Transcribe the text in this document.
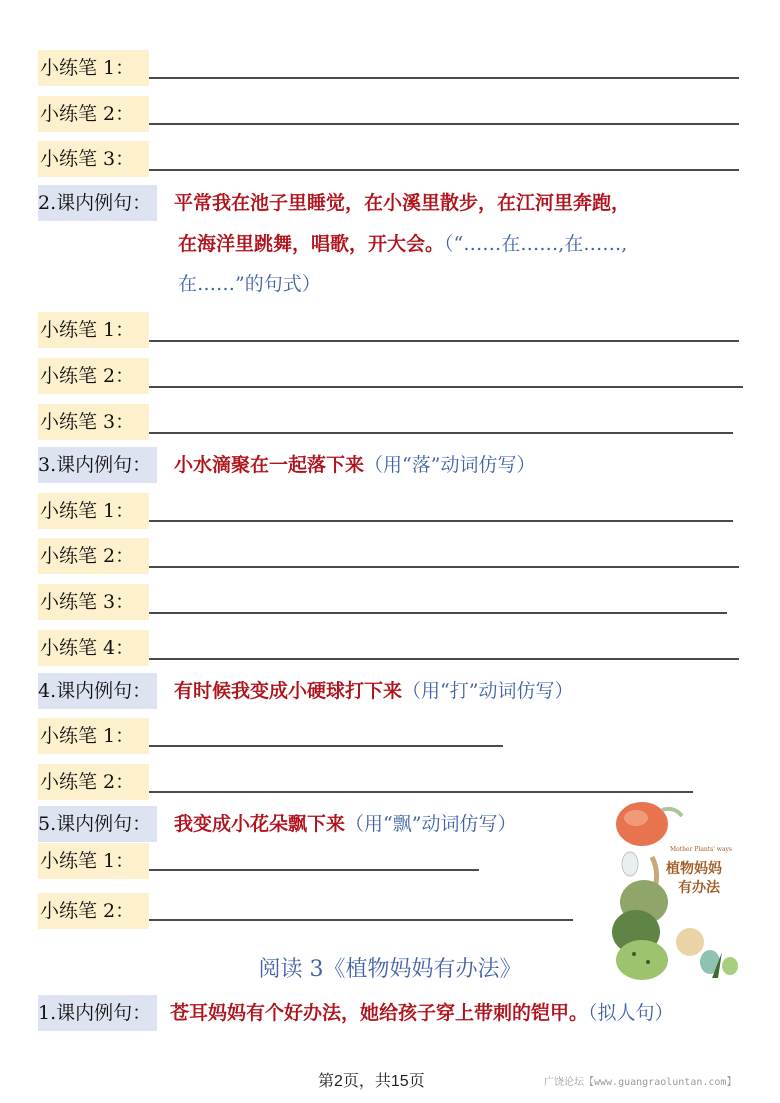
小练笔 1：
小练笔 2：
小练笔 3：
2.课内例句：	平常我在池子里睡觉，在小溪里散步，在江河里奔跑，
在海洋里跳舞，唱歌，开大会。（“……在……,在……,
在……”的句式）
小练笔 1：
小练笔 2：
小练笔 3：
3.课内例句：	小水滴聚在一起落下来（用“落”动词仿写）
小练笔 1：
小练笔 2：
小练笔 3：
小练笔 4：
4.课内例句：	有时候我变成小硬球打下来（用“打”动词仿写）
小练笔 1：
小练笔 2：
5.课内例句：	我变成小花朵飘下来（用“飘”动词仿写）
小练笔 1：
小练笔 2：
Mother Plants' ways
植物妈妈
有办法
阅读 3《植物妈妈有办法》
1.课内例句： 苍耳妈妈有个好办法，她给孩子穿上带刺的铠甲。（拟人句）
第2页，共15页	广饶论坛【www.guangraoluntan.com】
